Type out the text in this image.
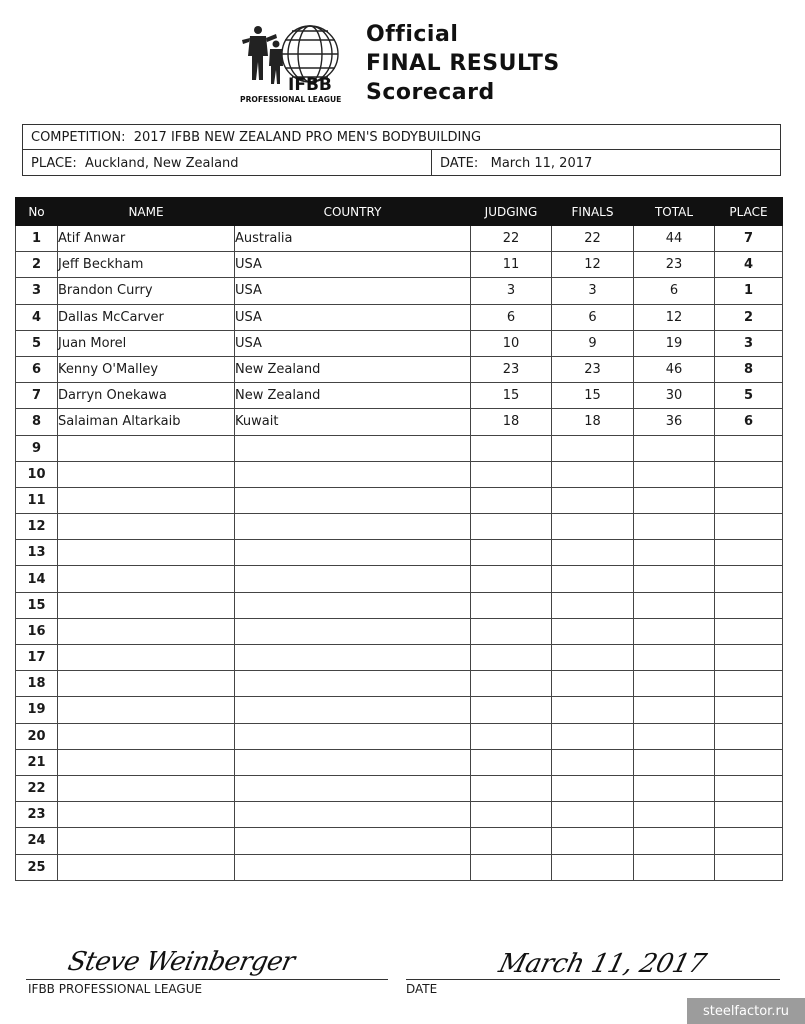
IFBB
PROFESSIONAL LEAGUE
Official
FINAL RESULTS
Scorecard
COMPETITION:
2017 IFBB NEW ZEALAND PRO MEN'S BODYBUILDING
PLACE:
Auckland, New Zealand	DATE:
March 11, 2017
No	NAME	COUNTRY	JUDGING	FINALS	TOTAL	PLACE
1	Atif Anwar	Australia	22	22	44	7
2	Jeff Beckham	USA	11	12	23	4
3	Brandon Curry	USA	3	3	6	1
4	Dallas McCarver	USA	6	6	12	2
5	Juan Morel	USA	10	9	19	3
6	Kenny O'Malley	New Zealand	23	23	46	8
7	Darryn Onekawa	New Zealand	15	15	30	5
8	Salaiman Altarkaib	Kuwait	18	18	36	6
9						
10						
11						
12						
13						
14						
15						
16						
17						
18						
19						
20						
21						
22						
23						
24						
25						
Steve Weinberger
IFBB PROFESSIONAL LEAGUE
March 11, 2017
DATE
steelfactor.ru
